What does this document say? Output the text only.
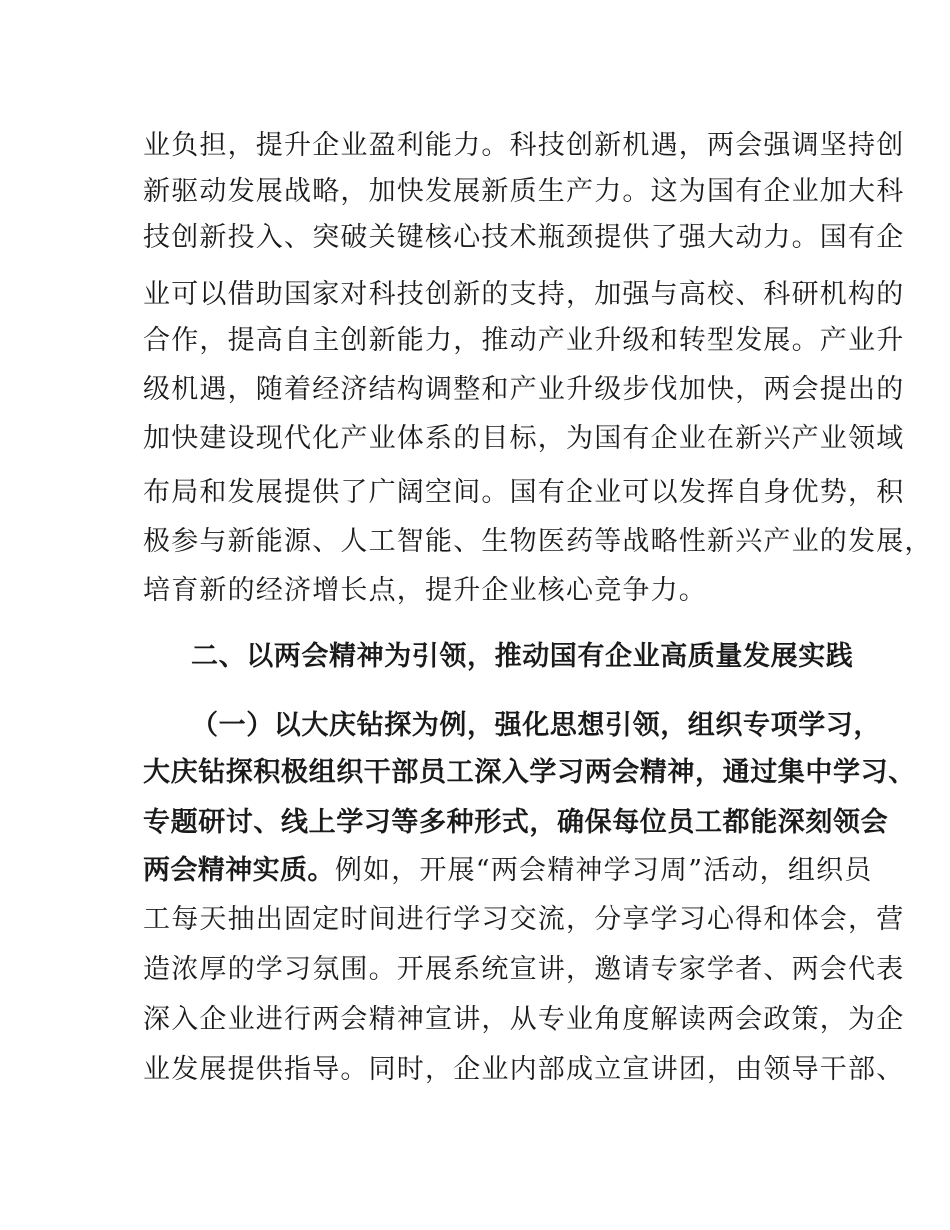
业负担，提升企业盈利能力。科技创新机遇，两会强调坚持创
新驱动发展战略，加快发展新质生产力。这为国有企业加大科
技创新投入、突破关键核心技术瓶颈提供了强大动力。国有企
业可以借助国家对科技创新的支持，加强与高校、科研机构的
合作，提高自主创新能力，推动产业升级和转型发展。产业升
级机遇，随着经济结构调整和产业升级步伐加快，两会提出的
加快建设现代化产业体系的目标，为国有企业在新兴产业领域
布局和发展提供了广阔空间。国有企业可以发挥自身优势，积
极参与新能源、人工智能、生物医药等战略性新兴产业的发展，
培育新的经济增长点，提升企业核心竞争力。
二、以两会精神为引领，推动国有企业高质量发展实践
（一）以大庆钻探为例，强化思想引领，组织专项学习，
大庆钻探积极组织干部员工深入学习两会精神，通过集中学习、
专题研讨、线上学习等多种形式，确保每位员工都能深刻领会
两会精神实质。例如，开展“两会精神学习周”活动，组织员
工每天抽出固定时间进行学习交流，分享学习心得和体会，营
造浓厚的学习氛围。开展系统宣讲，邀请专家学者、两会代表
深入企业进行两会精神宣讲，从专业角度解读两会政策，为企
业发展提供指导。同时，企业内部成立宣讲团，由领导干部、
